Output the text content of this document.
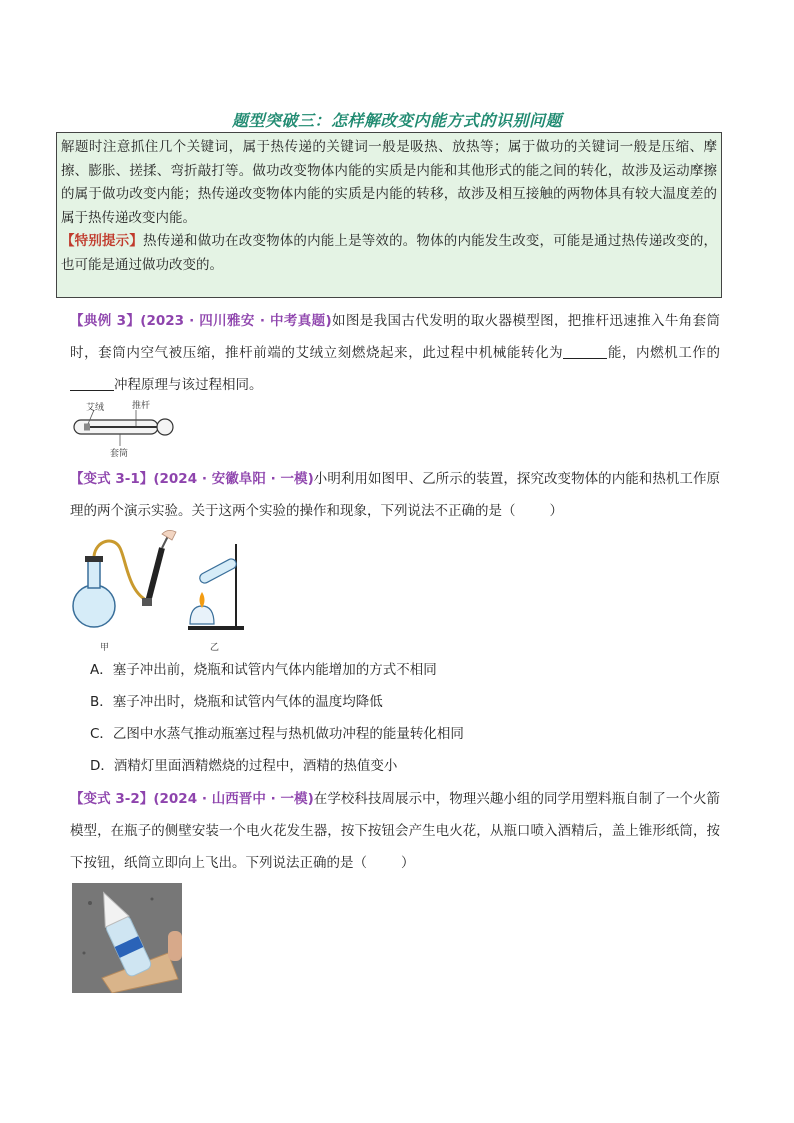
题型突破三：怎样解改变内能方式的识别问题

解题时注意抓住几个关键词，属于热传递的关键词一般是吸热、放热等；属于做功的关键词一般是压缩、摩擦、膨胀、搓揉、弯折敲打等。做功改变物体内能的实质是内能和其他形式的能之间的转化，故涉及运动摩擦的属于做功改变内能；热传递改变物体内能的实质是内能的转移，故涉及相互接触的两物体具有较大温度差的属于热传递改变内能。

【特别提示】热传递和做功在改变物体的内能上是等效的。物体的内能发生改变，可能是通过热传递改变的，也可能是通过做功改变的。

【典例 3】(2023 · 四川雅安 · 中考真题)如图是我国古代发明的取火器模型图，把推杆迅速推入牛角套筒时，套筒内空气被压缩，推杆前端的艾绒立刻燃烧起来，此过程中机械能转化为	能，内燃机工作的冲程原理与该过程相同。
艾绒	推杆
套筒
【变式 3-1】(2024 · 安徽阜阳 · 一模)小明利用如图甲、乙所示的装置，探究改变物体的内能和热机工作原理的两个演示实验。关于这两个实验的操作和现象，下列说法不正确的是（	）
甲	乙
A．塞子冲出前，烧瓶和试管内气体内能增加的方式不相同
B．塞子冲出时，烧瓶和试管内气体的温度均降低
C．乙图中水蒸气推动瓶塞过程与热机做功冲程的能量转化相同
D．酒精灯里面酒精燃烧的过程中，酒精的热值变小
【变式 3-2】(2024 · 山西晋中 · 一模)在学校科技周展示中，物理兴趣小组的同学用塑料瓶自制了一个火箭模型，在瓶子的侧壁安装一个电火花发生器，按下按钮会产生电火花，从瓶口喷入酒精后，盖上锥形纸筒，按下按钮，纸筒立即向上飞出。下列说法正确的是（	）
